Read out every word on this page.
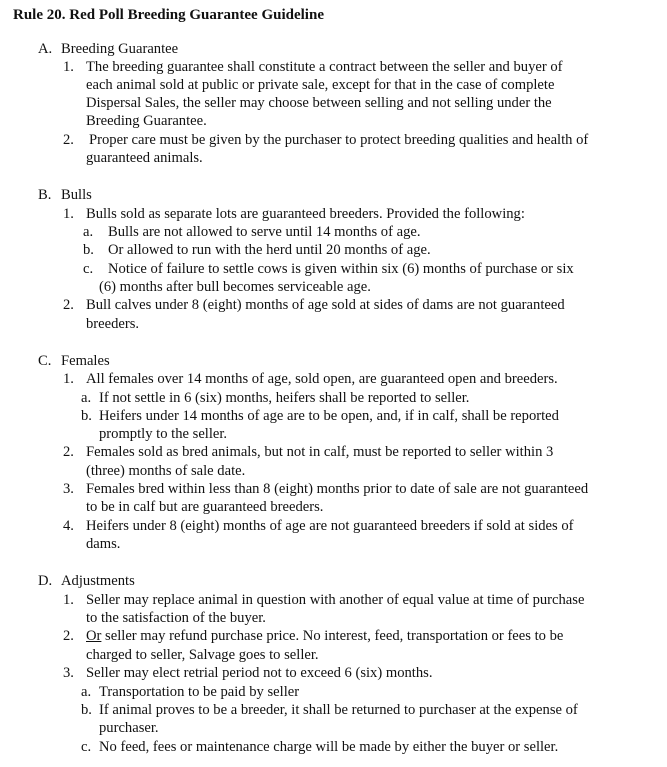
Rule 20. Red Poll Breeding Guarantee Guideline
A. Breeding Guarantee
1. The breeding guarantee shall constitute a contract between the seller and buyer of
each animal sold at public or private sale, except for that in the case of complete
Dispersal Sales, the seller may choose between selling and not selling under the
Breeding Guarantee.
2. Proper care must be given by the purchaser to protect breeding qualities and health of
guaranteed animals.
B. Bulls
1. Bulls sold as separate lots are guaranteed breeders. Provided the following:
a. Bulls are not allowed to serve until 14 months of age.
b. Or allowed to run with the herd until 20 months of age.
c. Notice of failure to settle cows is given within six (6) months of purchase or six
(6) months after bull becomes serviceable age.
2. Bull calves under 8 (eight) months of age sold at sides of dams are not guaranteed
breeders.
C. Females
1. All females over 14 months of age, sold open, are guaranteed open and breeders.
a. If not settle in 6 (six) months, heifers shall be reported to seller.
b. Heifers under 14 months of age are to be open, and, if in calf, shall be reported
promptly to the seller.
2. Females sold as bred animals, but not in calf, must be reported to seller within 3
(three) months of sale date.
3. Females bred within less than 8 (eight) months prior to date of sale are not guaranteed
to be in calf but are guaranteed breeders.
4. Heifers under 8 (eight) months of age are not guaranteed breeders if sold at sides of
dams.
D. Adjustments
1. Seller may replace animal in question with another of equal value at time of purchase
to the satisfaction of the buyer.
2. Or seller may refund purchase price. No interest, feed, transportation or fees to be
charged to seller, Salvage goes to seller.
3. Seller may elect retrial period not to exceed 6 (six) months.
a. Transportation to be paid by seller
b. If animal proves to be a breeder, it shall be returned to purchaser at the expense of
purchaser.
c. No feed, fees or maintenance charge will be made by either the buyer or seller.
